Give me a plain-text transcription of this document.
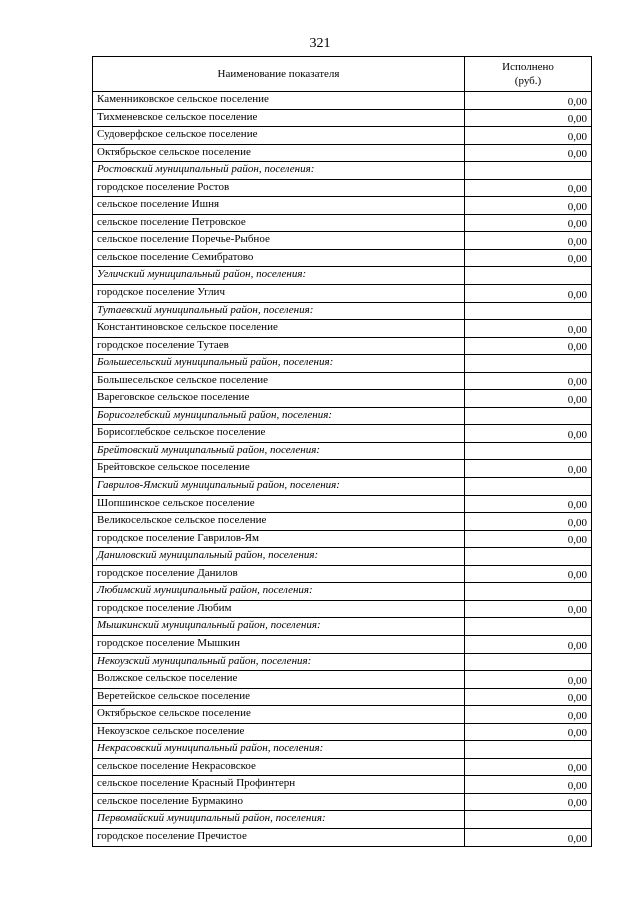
321
Наименование показателя	Исполнено
(руб.)
Каменниковское сельское поселение	0,00
Тихменевское сельское поселение	0,00
Судоверфское сельское поселение	0,00
Октябрьское сельское поселение	0,00
Ростовский муниципальный район, поселения:	
городское поселение Ростов	0,00
сельское поселение Ишня	0,00
сельское поселение Петровское	0,00
сельское поселение Поречье-Рыбное	0,00
сельское поселение Семибратово	0,00
Угличский муниципальный район, поселения:	
городское поселение Углич	0,00
Тутаевский муниципальный район, поселения:	
Константиновское сельское поселение	0,00
городское поселение Тутаев	0,00
Большесельский муниципальный район, поселения:	
Большесельское сельское поселение	0,00
Вареговское сельское поселение	0,00
Борисоглебский муниципальный район, поселения:	
Борисоглебское сельское поселение	0,00
Брейтовский муниципальный район, поселения:	
Брейтовское сельское поселение	0,00
Гаврилов-Ямский муниципальный район, поселения:	
Шопшинское сельское поселение	0,00
Великосельское сельское поселение	0,00
городское поселение Гаврилов-Ям	0,00
Даниловский муниципальный район, поселения:	
городское поселение Данилов	0,00
Любимский муниципальный район, поселения:	
городское поселение Любим	0,00
Мышкинский муниципальный район, поселения:	
городское поселение Мышкин	0,00
Некоузский муниципальный район, поселения:	
Волжское сельское поселение	0,00
Веретейское сельское поселение	0,00
Октябрьское сельское поселение	0,00
Некоузское сельское поселение	0,00
Некрасовский муниципальный район, поселения:	
сельское поселение Некрасовское	0,00
сельское поселение Красный Профинтерн	0,00
сельское поселение Бурмакино	0,00
Первомайский муниципальный район, поселения:	
городское поселение Пречистое	0,00
